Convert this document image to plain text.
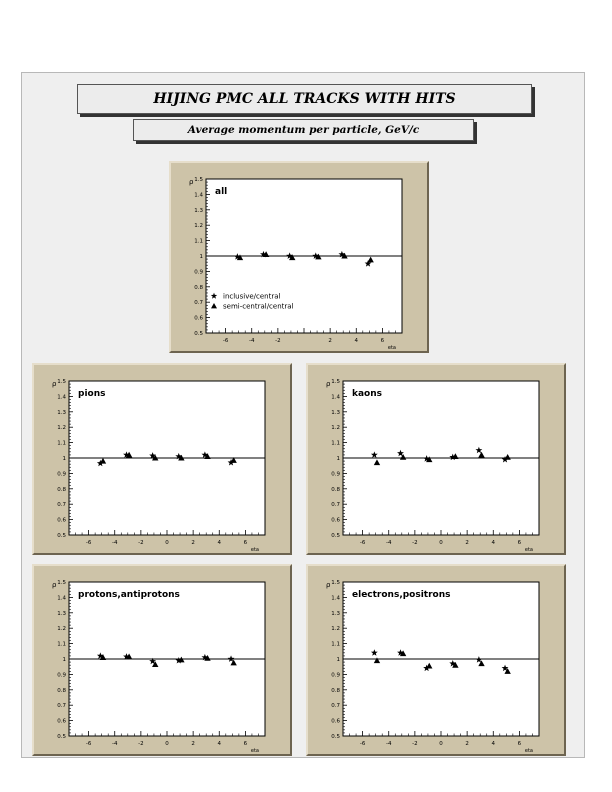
HIJING PMC ALL TRACKS WITH HITS
Average momentum per particle, GeV/c
0.5
0.6
0.7
0.8
0.9
1
1.1
1.2
1.3
1.4
1.5
-6	-4	-2	2	4	6
eta
ρ
all
inclusive/central
semi-central/central
0.5
0.6
0.7
0.8
0.9
1
1.1
1.2
1.3
1.4
1.5
-6	-4	-2	0	2	4	6
eta
ρ
pions
0.5
0.6
0.7
0.8
0.9
1
1.1
1.2
1.3
1.4
1.5
-6	-4	-2	0	2	4	6
eta
ρ
kaons
0.5
0.6
0.7
0.8
0.9
1
1.1
1.2
1.3
1.4
1.5
-6	-4	-2	0	2	4	6
eta
ρ
protons,antiprotons
0.5
0.6
0.7
0.8
0.9
1
1.1
1.2
1.3
1.4
1.5
-6	-4	-2	0	2	4	6
eta
ρ
electrons,positrons
